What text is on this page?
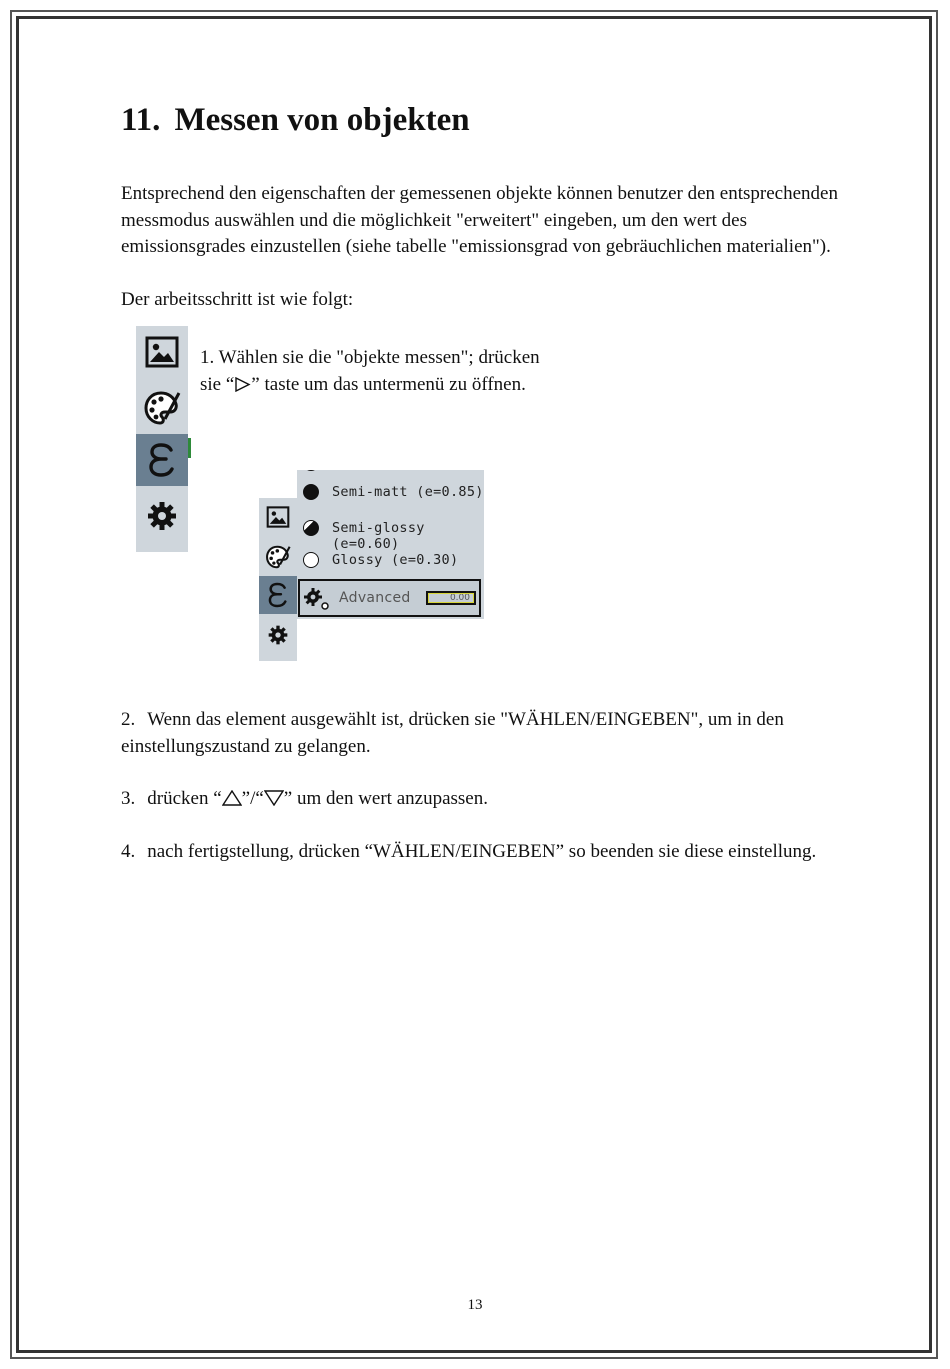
11. Messen von objekten

Entsprechend den eigenschaften der gemessenen objekte können benutzer den entsprechenden messmodus auswählen und die möglichkeit "erweitert" eingeben, um den wert des emissionsgrades einzustellen (siehe tabelle "emissionsgrad von gebräuchlichen materialien").

Der arbeitsschritt ist wie folgt:

1. Wählen sie die "objekte messen"; drücken
sie “ ” taste um das untermenü zu öffnen.

Semi-matt (e=0.85)
Semi-glossy (e=0.60)
Glossy (e=0.30)
Advanced	0.00

2. Wenn das element ausgewählt ist, drücken sie "WÄHLEN/EINGEBEN", um in den einstellungszustand zu gelangen.

3. drücken “ ”/“ ” um den wert anzupassen.

4. nach fertigstellung, drücken “WÄHLEN/EINGEBEN” so beenden sie diese einstellung.

13
